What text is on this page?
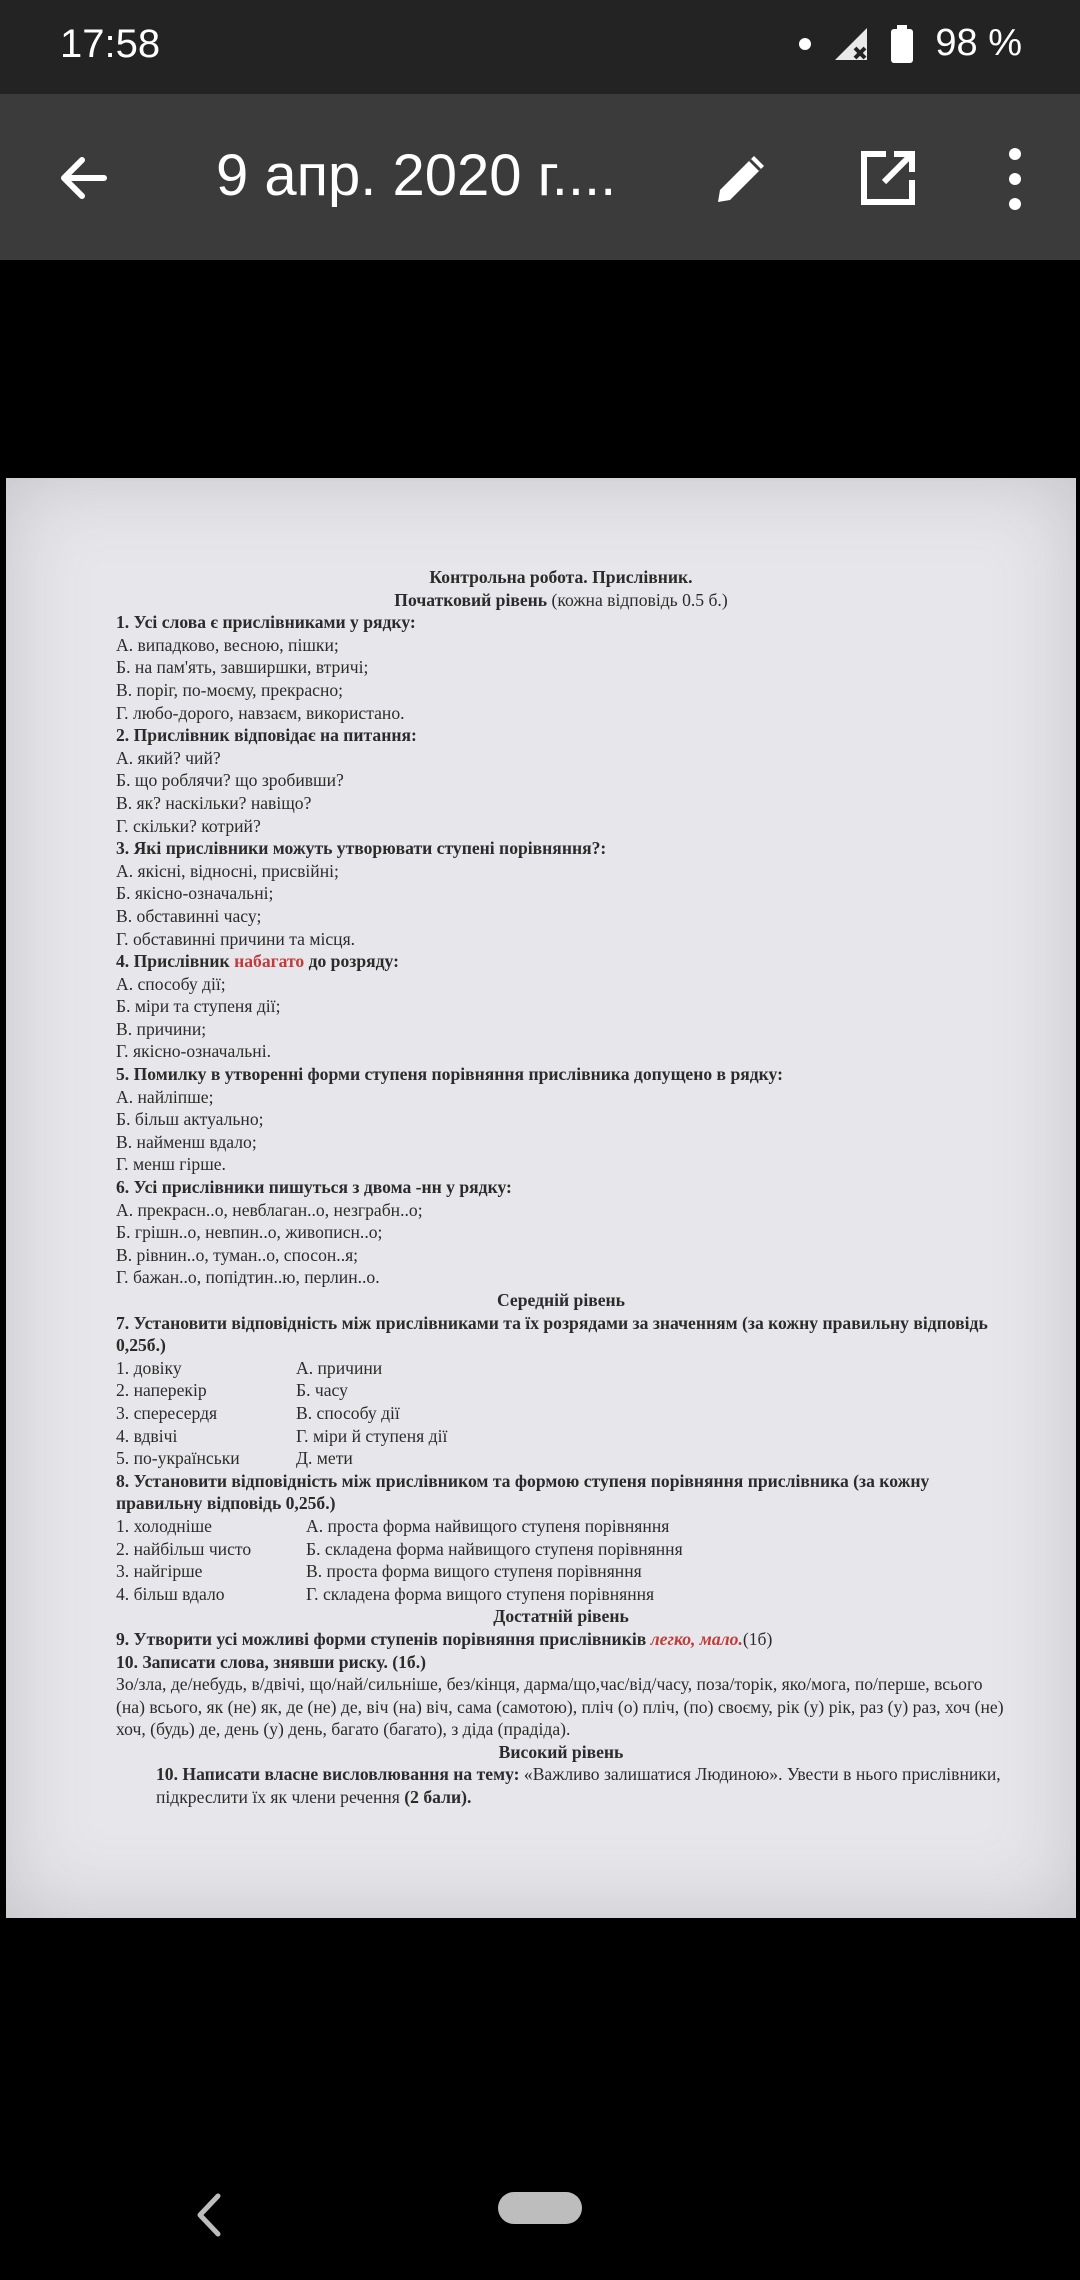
17:58	98 %
9 апр. 2020 г....
Контрольна робота. Прислівник.
Початковий рівень (кожна відповідь 0.5 б.)
1. Усі слова є прислівниками у рядку:
А. випадково, весною, пішки;
Б. на пам'ять, завширшки, втричі;
В. поріг, по-моєму, прекрасно;
Г. любо-дорого, навзаєм, використано.
2. Прислівник відповідає на питання:
А. який? чий?
Б. що роблячи? що зробивши?
В. як? наскільки? навіщо?
Г. скільки? котрий?
3. Які прислівники можуть утворювати ступені порівняння?:
А. якісні, відносні, присвійні;
Б. якісно-означальні;
В. обставинні часу;
Г. обставинні причини та місця.
4. Прислівник набагато до розряду:
А. способу дії;
Б. міри та ступеня дії;
В. причини;
Г. якісно-означальні.
5. Помилку в утворенні форми ступеня порівняння прислівника допущено в рядку:
А. найліпше;
Б. більш актуально;
В. найменш вдало;
Г. менш гірше.
6. Усі прислівники пишуться з двома -нн у рядку:
А. прекрасн..о, невблаган..о, незграбн..о;
Б. грішн..о, невпин..о, живописн..о;
В. рівнин..о, туман..о, спосон..я;
Г. бажан..о, попідтин..ю, перлин..о.
Середній рівень
7. Установити відповідність між прислівниками та їх розрядами за значенням (за кожну правильну відповідь 0,25б.)
1. довіку	А. причини
2. наперекір	Б. часу
3. спересердя	В. способу дії
4. вдвічі	Г. міри й ступеня дії
5. по-українськи	Д. мети
8. Установити відповідність між прислівником та формою ступеня порівняння прислівника (за кожну правильну відповідь 0,25б.)
1. холодніше	А. проста форма найвищого ступеня порівняння
2. найбільш чисто	Б. складена форма найвищого ступеня порівняння
3. найгірше	В. проста форма вищого ступеня порівняння
4. більш вдало	Г. складена форма вищого ступеня порівняння
Достатній рівень
9. Утворити усі можливі форми ступенів порівняння прислівників легко, мало.(1б)
10. Записати слова, знявши риску. (1б.)
Зо/зла, де/небудь, в/двічі, що/най/сильніше, без/кінця, дарма/що,час/від/часу, поза/торік, яко/мога, по/перше, всього (на) всього, як (не) як, де (не) де, віч (на) віч, сама (самотою), пліч (о) пліч, (по) своєму, рік (у) рік, раз (у) раз, хоч (не) хоч, (будь) де, день (у) день, багато (багато), з діда (прадіда).
Високий рівень
10. Написати власне висловлювання на тему: «Важливо залишатися Людиною». Увести в нього прислівники, підкреслити їх як члени речення (2 бали).
